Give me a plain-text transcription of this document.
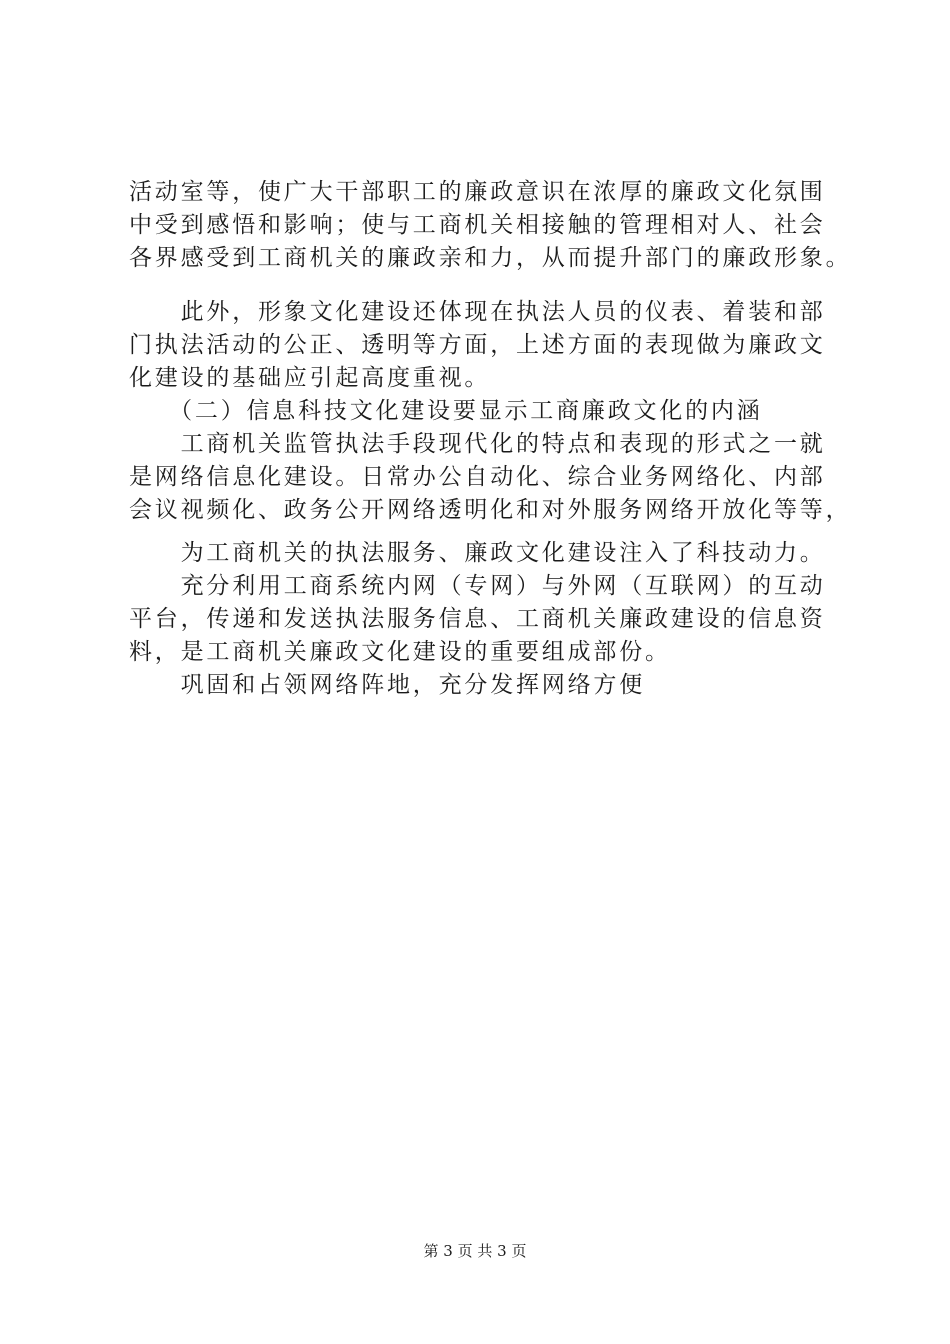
活动室等，使广大干部职工的廉政意识在浓厚的廉政文化氛围
中受到感悟和影响；使与工商机关相接触的管理相对人、社会
各界感受到工商机关的廉政亲和力，从而提升部门的廉政形象。
　　此外，形象文化建设还体现在执法人员的仪表、着装和部
门执法活动的公正、透明等方面，上述方面的表现做为廉政文
化建设的基础应引起高度重视。
　　（二）信息科技文化建设要显示工商廉政文化的内涵
　　工商机关监管执法手段现代化的特点和表现的形式之一就
是网络信息化建设。日常办公自动化、综合业务网络化、内部
会议视频化、政务公开网络透明化和对外服务网络开放化等等，
　　为工商机关的执法服务、廉政文化建设注入了科技动力。
　　充分利用工商系统内网（专网）与外网（互联网）的互动
平台，传递和发送执法服务信息、工商机关廉政建设的信息资
料，是工商机关廉政文化建设的重要组成部份。
　　巩固和占领网络阵地，充分发挥网络方便
第 3 页 共 3 页
